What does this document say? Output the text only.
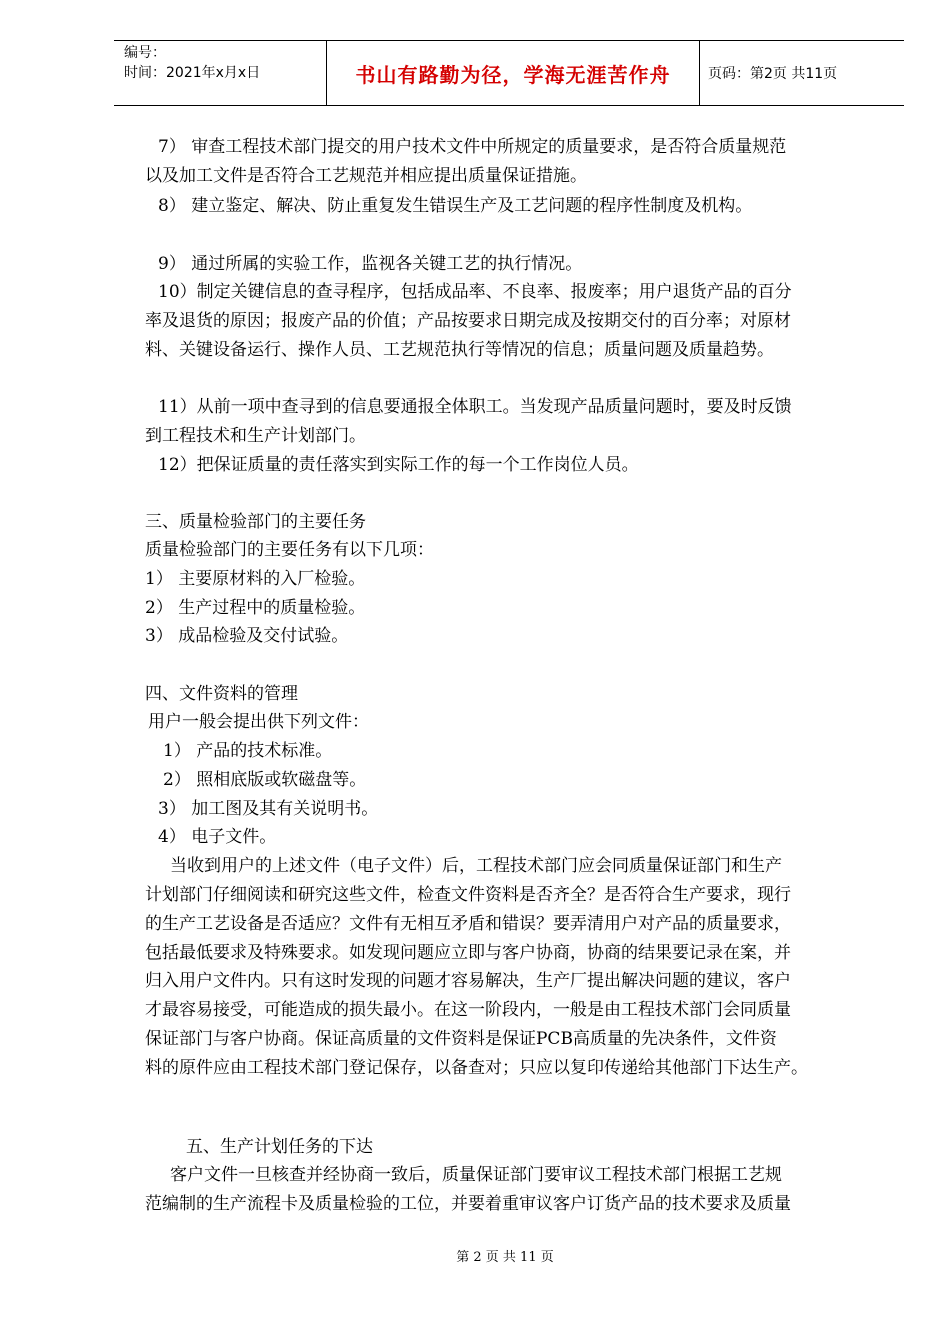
编号：
时间：2021年x月x日	书山有路勤为径，学海无涯苦作舟	页码：第2页 共11页
7） 审查工程技术部门提交的用户技术文件中所规定的质量要求，是否符合质量规范
以及加工文件是否符合工艺规范并相应提出质量保证措施。
8） 建立鉴定、解决、防止重复发生错误生产及工艺问题的程序性制度及机构。
9） 通过所属的实验工作，监视各关键工艺的执行情况。
10）制定关键信息的查寻程序，包括成品率、不良率、报废率；用户退货产品的百分
率及退货的原因；报废产品的价值；产品按要求日期完成及按期交付的百分率；对原材
料、关键设备运行、操作人员、工艺规范执行等情况的信息；质量问题及质量趋势。
11）从前一项中查寻到的信息要通报全体职工。当发现产品质量问题时，要及时反馈
到工程技术和生产计划部门。
12）把保证质量的责任落实到实际工作的每一个工作岗位人员。
三、质量检验部门的主要任务
质量检验部门的主要任务有以下几项：
1） 主要原材料的入厂检验。
2） 生产过程中的质量检验。
3） 成品检验及交付试验。
四、文件资料的管理
用户一般会提出供下列文件：
1） 产品的技术标准。
2） 照相底版或软磁盘等。
3） 加工图及其有关说明书。
4） 电子文件。
当收到用户的上述文件（电子文件）后，工程技术部门应会同质量保证部门和生产
计划部门仔细阅读和研究这些文件，检查文件资料是否齐全？是否符合生产要求，现行
的生产工艺设备是否适应？文件有无相互矛盾和错误？要弄清用户对产品的质量要求，
包括最低要求及特殊要求。如发现问题应立即与客户协商，协商的结果要记录在案，并
归入用户文件内。只有这时发现的问题才容易解决，生产厂提出解决问题的建议，客户
才最容易接受，可能造成的损失最小。在这一阶段内，一般是由工程技术部门会同质量
保证部门与客户协商。保证高质量的文件资料是保证PCB高质量的先决条件，文件资
料的原件应由工程技术部门登记保存，以备查对；只应以复印传递给其他部门下达生产。
五、生产计划任务的下达
客户文件一旦核查并经协商一致后，质量保证部门要审议工程技术部门根据工艺规
范编制的生产流程卡及质量检验的工位，并要着重审议客户订货产品的技术要求及质量
第 2 页 共 11 页
